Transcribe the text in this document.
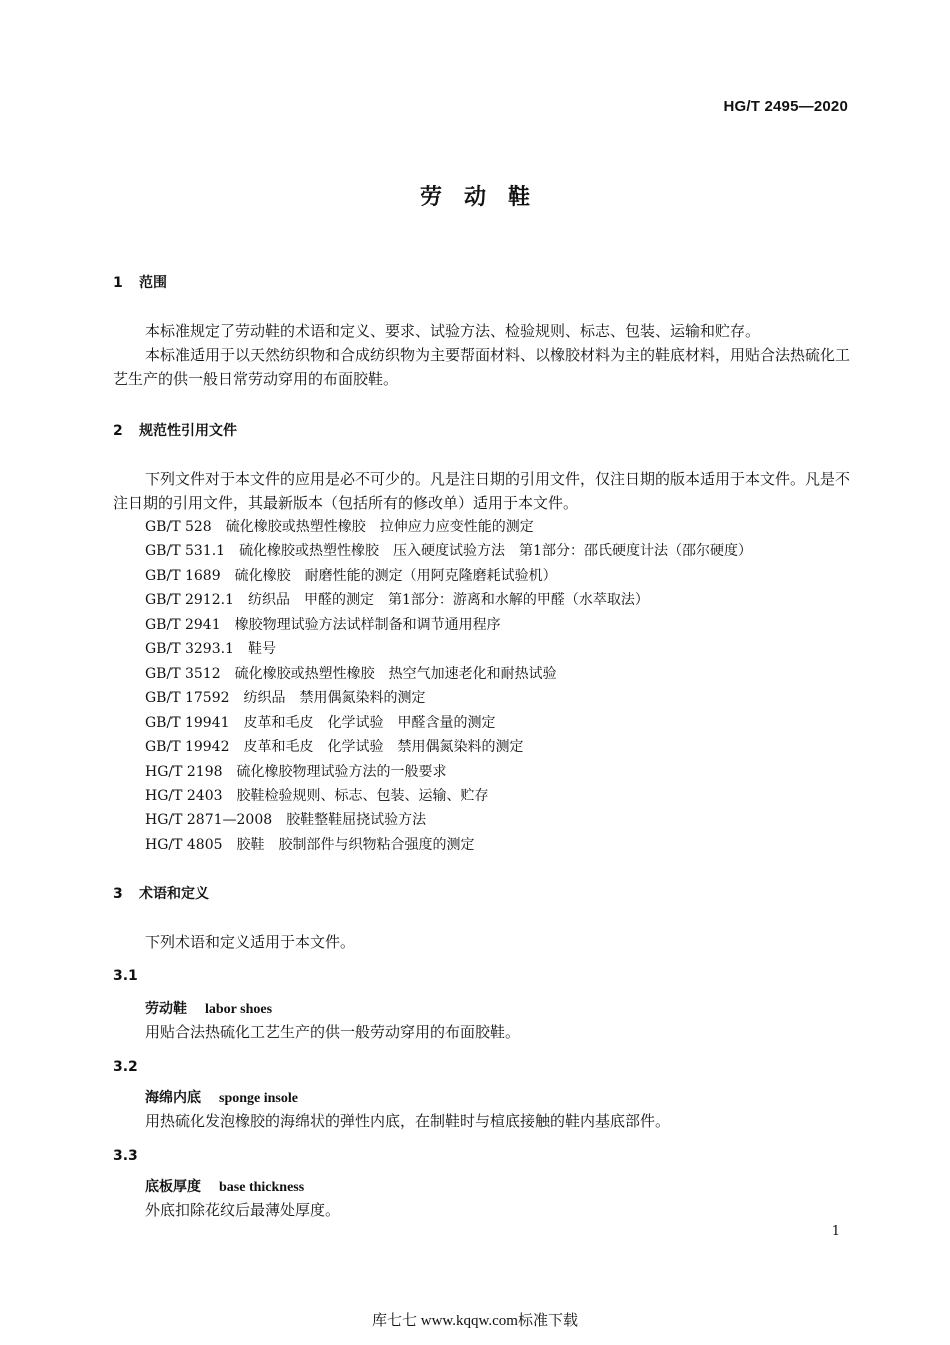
HG/T 2495—2020
劳动鞋
1 范围
本标准规定了劳动鞋的术语和定义、要求、试验方法、检验规则、标志、包装、运输和贮存。
本标准适用于以天然纺织物和合成纺织物为主要帮面材料、以橡胶材料为主的鞋底材料，用贴合法热硫化工艺生产的供一般日常劳动穿用的布面胶鞋。
2 规范性引用文件
下列文件对于本文件的应用是必不可少的。凡是注日期的引用文件，仅注日期的版本适用于本文件。凡是不注日期的引用文件，其最新版本（包括所有的修改单）适用于本文件。
GB/T 528 硫化橡胶或热塑性橡胶　拉伸应力应变性能的测定
GB/T 531.1 硫化橡胶或热塑性橡胶　压入硬度试验方法　第1部分：邵氏硬度计法（邵尔硬度）
GB/T 1689 硫化橡胶　耐磨性能的测定（用阿克隆磨耗试验机）
GB/T 2912.1 纺织品　甲醛的测定　第1部分：游离和水解的甲醛（水萃取法）
GB/T 2941 橡胶物理试验方法试样制备和调节通用程序
GB/T 3293.1 鞋号
GB/T 3512 硫化橡胶或热塑性橡胶　热空气加速老化和耐热试验
GB/T 17592 纺织品　禁用偶氮染料的测定
GB/T 19941 皮革和毛皮　化学试验　甲醛含量的测定
GB/T 19942 皮革和毛皮　化学试验　禁用偶氮染料的测定
HG/T 2198 硫化橡胶物理试验方法的一般要求
HG/T 2403 胶鞋检验规则、标志、包装、运输、贮存
HG/T 2871—2008 胶鞋整鞋屈挠试验方法
HG/T 4805 胶鞋　胶制部件与织物粘合强度的测定
3 术语和定义
下列术语和定义适用于本文件。
3.1
劳动鞋 labor shoes
用贴合法热硫化工艺生产的供一般劳动穿用的布面胶鞋。
3.2
海绵内底 sponge insole
用热硫化发泡橡胶的海绵状的弹性内底，在制鞋时与楦底接触的鞋内基底部件。
3.3
底板厚度 base thickness
外底扣除花纹后最薄处厚度。
1
库七七 www.kqqw.com标准下载
